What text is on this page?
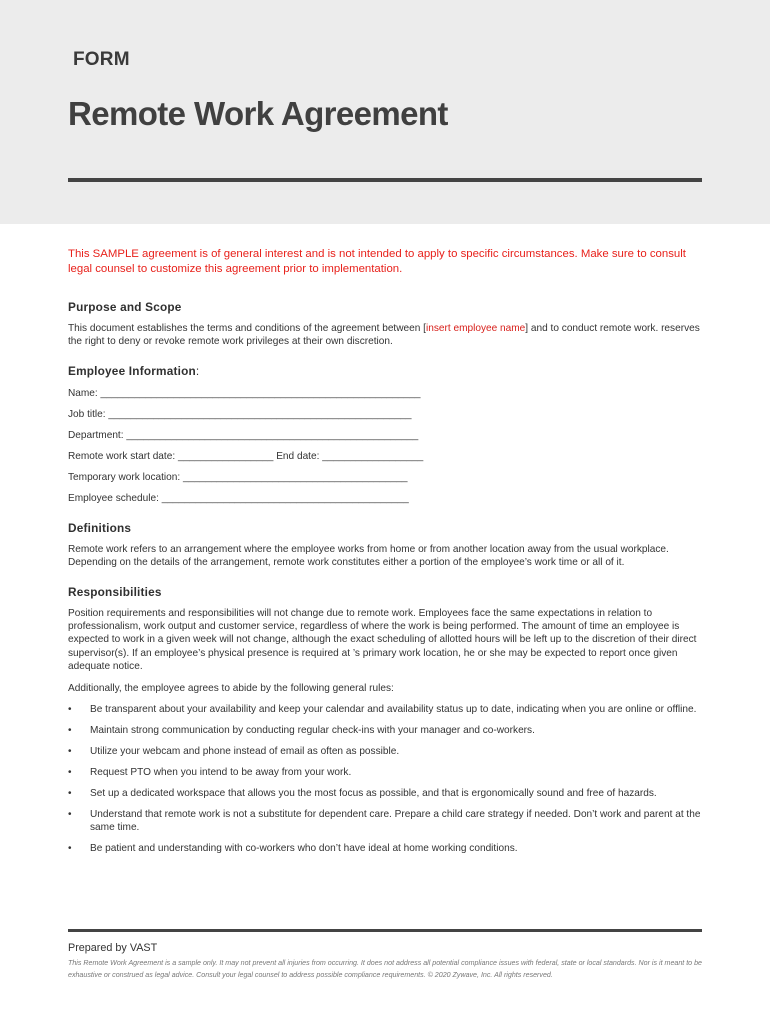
FORM
Remote Work Agreement

This SAMPLE agreement is of general interest and is not intended to apply to specific circumstances. Make sure to consult legal counsel to customize this agreement prior to implementation.

Purpose and Scope

This document establishes the terms and conditions of the agreement between [insert employee name] and to conduct remote work. reserves the right to deny or revoke remote work privileges at their own discretion.

Employee Information:

Name: _________________________________________________________

Job title: ______________________________________________________

Department: ____________________________________________________

Remote work start date: _________________ End date: __________________

Temporary work location: ________________________________________

Employee schedule: ____________________________________________

Definitions

Remote work refers to an arrangement where the employee works from home or from another location away from the usual workplace. Depending on the details of the arrangement, remote work constitutes either a portion of the employee’s work time or all of it.

Responsibilities

Position requirements and responsibilities will not change due to remote work. Employees face the same expectations in relation to professionalism, work output and customer service, regardless of where the work is being performed. The amount of time an employee is expected to work in a given week will not change, although the exact scheduling of allotted hours will be left up to the discretion of their direct supervisor(s). If an employee’s physical presence is required at ’s primary work location, he or she may be expected to report once given adequate notice.

Additionally, the employee agrees to abide by the following general rules:

• Be transparent about your availability and keep your calendar and availability status up to date, indicating when you are online or offline.
• Maintain strong communication by conducting regular check-ins with your manager and co-workers.
• Utilize your webcam and phone instead of email as often as possible.
• Request PTO when you intend to be away from your work.
• Set up a dedicated workspace that allows you the most focus as possible, and that is ergonomically sound and free of hazards.
• Understand that remote work is not a substitute for dependent care. Prepare a child care strategy if needed. Don’t work and parent at the same time.
• Be patient and understanding with co-workers who don’t have ideal at home working conditions.
Prepared by VAST
This Remote Work Agreement is a sample only. It may not prevent all injuries from occurring. It does not address all potential compliance issues with federal, state or local standards. Nor is it meant to be exhaustive or construed as legal advice. Consult your legal counsel to address possible compliance requirements. © 2020 Zywave, Inc. All rights reserved.
